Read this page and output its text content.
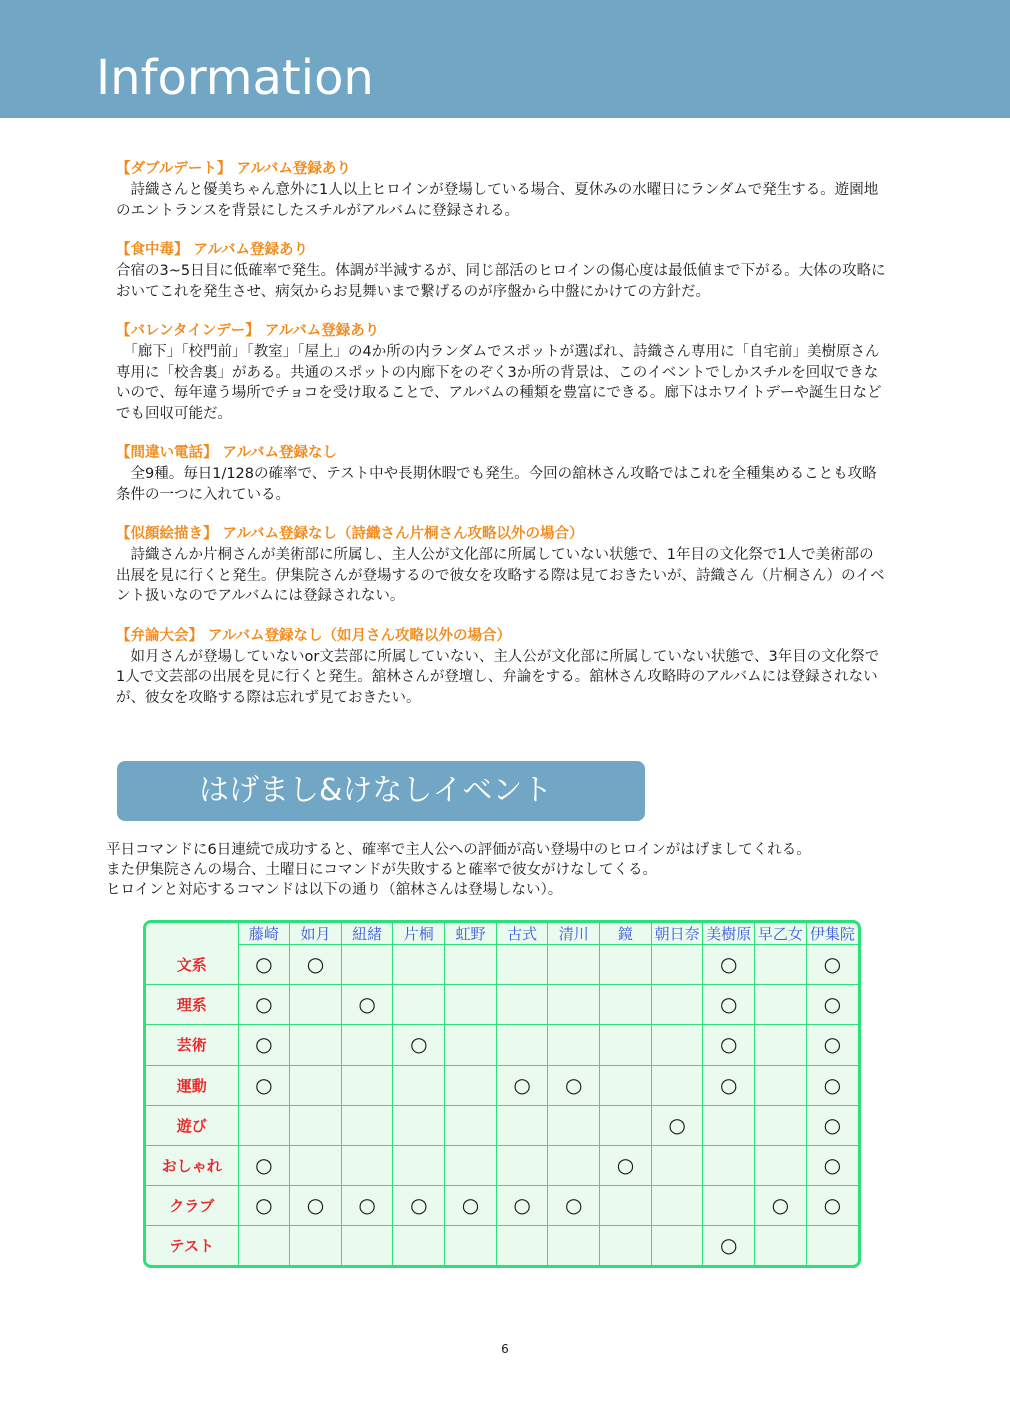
Information

【ダブルデート】 アルバム登録あり

　詩織さんと優美ちゃん意外に1人以上ヒロインが登場している場合、夏休みの水曜日にランダムで発生する。遊園地のエントランスを背景にしたスチルがアルバムに登録される。

【食中毒】 アルバム登録あり

合宿の3~5日目に低確率で発生。体調が半減するが、同じ部活のヒロインの傷心度は最低値まで下がる。大体の攻略においてこれを発生させ、病気からお見舞いまで繋げるのが序盤から中盤にかけての方針だ。

【バレンタインデー】 アルバム登録あり

　「廊下」「校門前」「教室」「屋上」の4か所の内ランダムでスポットが選ばれ、詩織さん専用に「自宅前」美樹原さん専用に「校舎裏」がある。共通のスポットの内廊下をのぞく3か所の背景は、このイベントでしかスチルを回収できないので、毎年違う場所でチョコを受け取ることで、アルバムの種類を豊富にできる。廊下はホワイトデーや誕生日などでも回収可能だ。

【間違い電話】 アルバム登録なし

　全9種。毎日1/128の確率で、テスト中や長期休暇でも発生。今回の舘林さん攻略ではこれを全種集めることも攻略条件の一つに入れている。

【似顔絵描き】 アルバム登録なし（詩織さん片桐さん攻略以外の場合）

　詩織さんか片桐さんが美術部に所属し、主人公が文化部に所属していない状態で、1年目の文化祭で1人で美術部の出展を見に行くと発生。伊集院さんが登場するので彼女を攻略する際は見ておきたいが、詩織さん（片桐さん）のイベント扱いなのでアルバムには登録されない。

【弁論大会】 アルバム登録なし（如月さん攻略以外の場合）

　如月さんが登場していないor文芸部に所属していない、主人公が文化部に所属していない状態で、3年目の文化祭で1人で文芸部の出展を見に行くと発生。舘林さんが登壇し、弁論をする。舘林さん攻略時のアルバムには登録されないが、彼女を攻略する際は忘れず見ておきたい。

はげまし&けなしイベント

平日コマンドに6日連続で成功すると、確率で主人公への評価が高い登場中のヒロインがはげましてくれる。

また伊集院さんの場合、土曜日にコマンドが失敗すると確率で彼女がけなしてくる。

ヒロインと対応するコマンドは以下の通り（舘林さんは登場しない）。

	藤崎	如月	紐緒	片桐	虹野	古式	清川	鏡	朝日奈	美樹原	早乙女	伊集院
文系	○	○								○		○
理系	○		○							○		○
芸術	○			○						○		○
運動	○					○	○			○		○
遊び									○			○
おしゃれ	○							○				○
クラブ	○	○	○	○	○	○	○				○	○
テスト										○		

6
